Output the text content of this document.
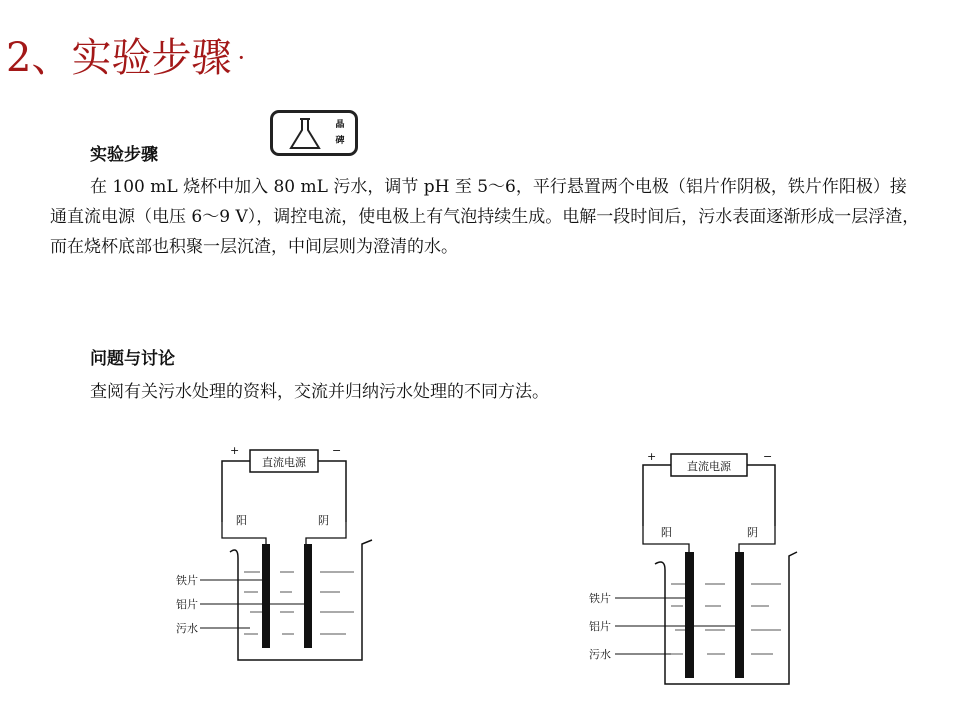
2、实验步骤 ·
晶
碑
实验步骤
在 100 mL 烧杯中加入 80 mL 污水，调节 pH 至 5～6，平行悬置两个电极（铝片作阴极，铁片作阳极）接通直流电源（电压 6～9 V），调控电流，使电极上有气泡持续生成。电解一段时间后，污水表面逐渐形成一层浮渣，而在烧杯底部也积聚一层沉渣，中间层则为澄清的水。
问题与讨论
查阅有关污水处理的资料，交流并归纳污水处理的不同方法。
直流电源
+	−
阳	阴
铁片
铝片
污水
直流电源
+	−
阳	阴
铁片
铝片
污水
